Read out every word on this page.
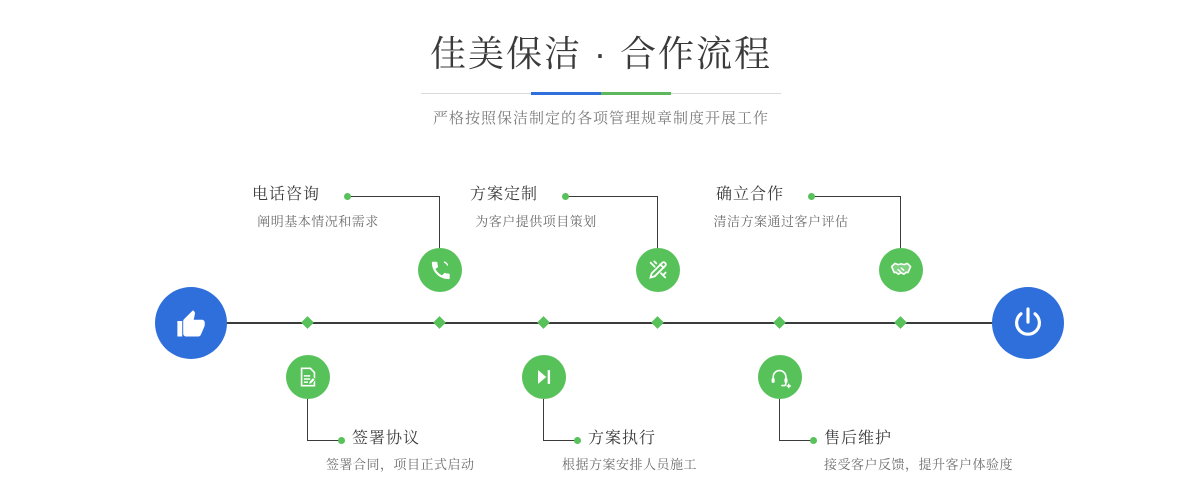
佳美保洁 · 合作流程

严格按照保洁制定的各项管理规章制度开展工作

电话咨询
阐明基本情况和需求
签署协议
签署合同，项目正式启动
方案定制
为客户提供项目策划
方案执行
根据方案安排人员施工
确立合作
清洁方案通过客户评估
售后维护
接受客户反馈，提升客户体验度
